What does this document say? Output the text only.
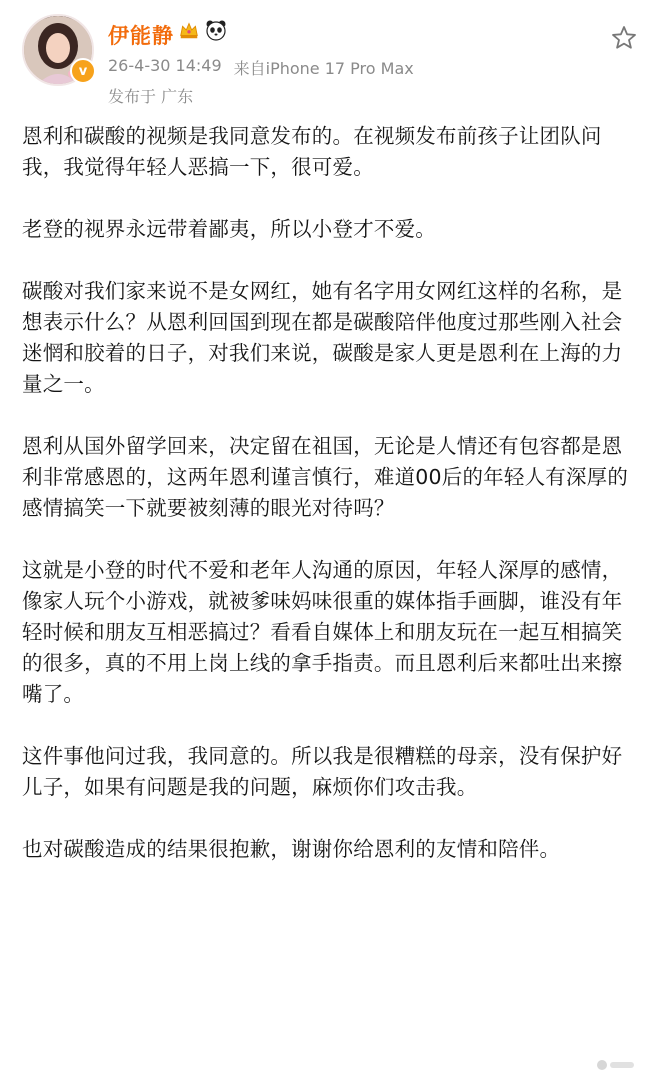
v
伊能静
26-4-30 14:49 来自iPhone 17 Pro Max
发布于 广东

恩利和碳酸的视频是我同意发布的。在视频发布前孩子让团队问我，我觉得年轻人恶搞一下，很可爱。

老登的视界永远带着鄙夷，所以小登才不爱。

碳酸对我们家来说不是女网红，她有名字用女网红这样的名称，是想表示什么？从恩利回国到现在都是碳酸陪伴他度过那些刚入社会迷惘和胶着的日子，对我们来说，碳酸是家人更是恩利在上海的力量之一。

恩利从国外留学回来，决定留在祖国，无论是人情还有包容都是恩利非常感恩的，这两年恩利谨言慎行，难道00后的年轻人有深厚的感情搞笑一下就要被刻薄的眼光对待吗？

这就是小登的时代不爱和老年人沟通的原因，年轻人深厚的感情，像家人玩个小游戏，就被爹味妈味很重的媒体指手画脚，谁没有年轻时候和朋友互相恶搞过？看看自媒体上和朋友玩在一起互相搞笑的很多，真的不用上岗上线的拿手指责。而且恩利后来都吐出来擦嘴了。

这件事他问过我，我同意的。所以我是很糟糕的母亲，没有保护好儿子，如果有问题是我的问题，麻烦你们攻击我。

也对碳酸造成的结果很抱歉，谢谢你给恩利的友情和陪伴。
